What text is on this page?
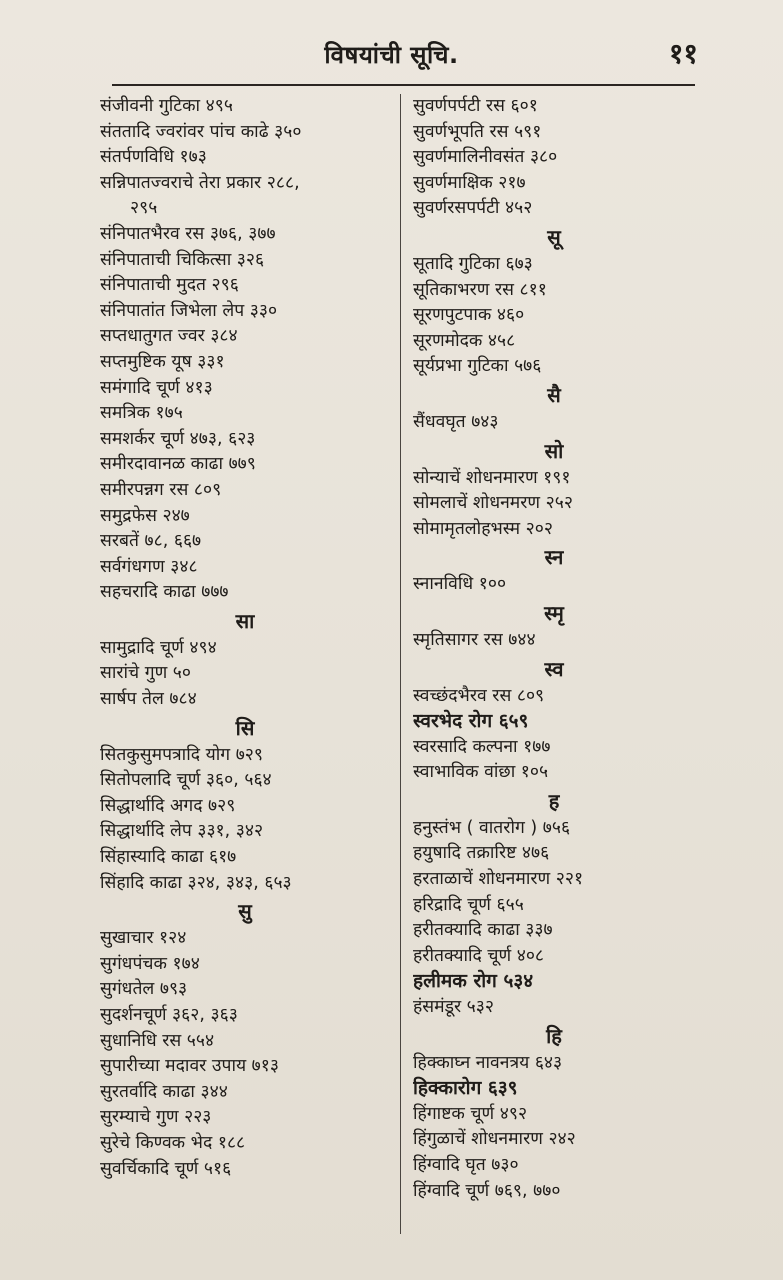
विषयांची सूचि.	११
संजीवनी गुटिका ४९५
संततादि ज्वरांवर पांच काढे ३५०
संतर्पणविधि १७३
सन्निपातज्वराचे तेरा प्रकार २८८,
२९५
संनिपातभैरव रस ३७६, ३७७
संनिपाताची चिकित्सा ३२६
संनिपाताची मुदत २९६
संनिपातांत जिभेला लेप ३३०
सप्तधातुगत ज्वर ३८४
सप्तमुष्टिक यूष ३३१
समंगादि चूर्ण ४१३
समत्रिक १७५
समशर्कर चूर्ण ४७३, ६२३
समीरदावानळ काढा ७७९
समीरपन्नग रस ८०९
समुद्रफेस २४७
सरबतें ७८, ६६७
सर्वगंधगण ३४८
सहचरादि काढा ७७७
सा
सामुद्रादि चूर्ण ४९४
सारांचे गुण ५०
सार्षप तेल ७८४
सि
सितकुसुमपत्रादि योग ७२९
सितोपलादि चूर्ण ३६०, ५६४
सिद्धार्थादि अगद ७२९
सिद्धार्थादि लेप ३३१, ३४२
सिंहास्यादि काढा ६१७
सिंहादि काढा ३२४, ३४३, ६५३
सु
सुखाचार १२४
सुगंधपंचक १७४
सुगंधतेल ७९३
सुदर्शनचूर्ण ३६२, ३६३
सुधानिधि रस ५५४
सुपारीच्या मदावर उपाय ७१३
सुरतर्वादि काढा ३४४
सुरम्याचे गुण २२३
सुरेचे किण्वक भेद १८८
सुवर्चिकादि चूर्ण ५१६
सुवर्णपर्पटी रस ६०१
सुवर्णभूपति रस ५९१
सुवर्णमालिनीवसंत ३८०
सुवर्णमाक्षिक २१७
सुवर्णरसपर्पटी ४५२
सू
सूतादि गुटिका ६७३
सूतिकाभरण रस ८११
सूरणपुटपाक ४६०
सूरणमोदक ४५८
सूर्यप्रभा गुटिका ५७६
सै
सैंधवघृत ७४३
सो
सोन्याचें शोधनमारण १९१
सोमलाचें शोधनमरण २५२
सोमामृतलोहभस्म २०२
स्न
स्नानविधि १००
स्मृ
स्मृतिसागर रस ७४४
स्व
स्वच्छंदभैरव रस ८०९
स्वरभेद रोग ६५९
स्वरसादि कल्पना १७७
स्वाभाविक वांछा १०५
ह
हनुस्तंभ ( वातरोग ) ७५६
हयुषादि तक्रारिष्ट ४७६
हरताळाचें शोधनमारण २२१
हरिद्रादि चूर्ण ६५५
हरीतक्यादि काढा ३३७
हरीतक्यादि चूर्ण ४०८
हलीमक रोग ५३४
हंसमंडूर ५३२
हि
हिक्काघ्न नावनत्रय ६४३
हिक्कारोग ६३९
हिंगाष्टक चूर्ण ४९२
हिंगुळाचें शोधनमारण २४२
हिंग्वादि घृत ७३०
हिंग्वादि चूर्ण ७६९, ७७०
